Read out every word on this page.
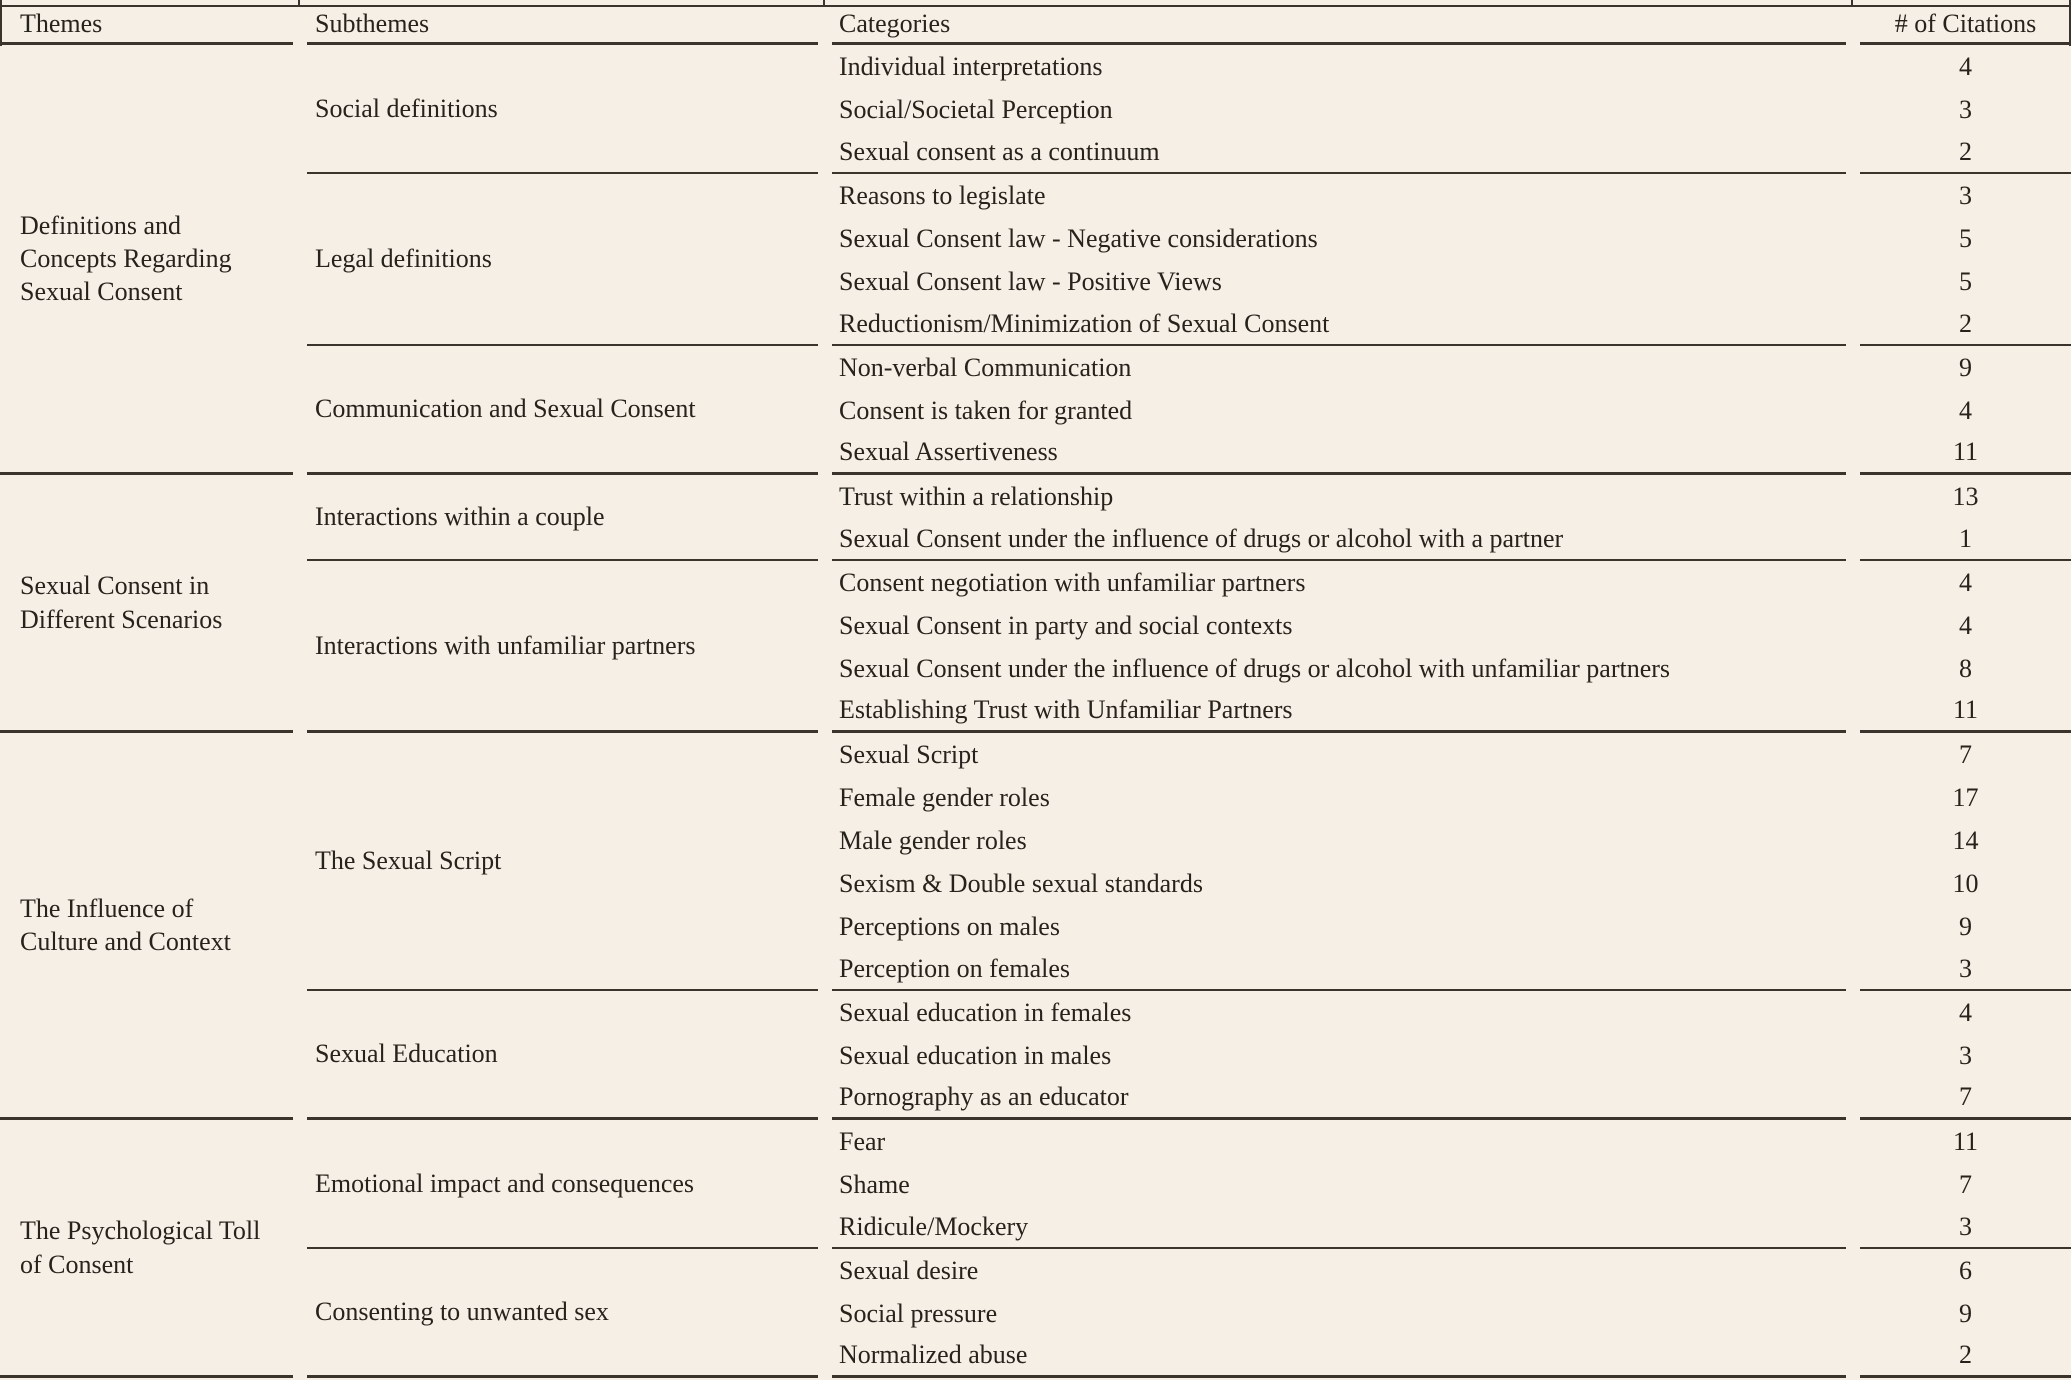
Themes	Subthemes	Categories	# of Citations
Definitions and Concepts Regarding Sexual Consent	Social definitions	Individual interpretations	4
		Social/Societal Perception	3
		Sexual consent as a continuum	2
	Legal definitions	Reasons to legislate	3
		Sexual Consent law - Negative considerations	5
		Sexual Consent law - Positive Views	5
		Reductionism/Minimization of Sexual Consent	2
	Communication and Sexual Consent	Non-verbal Communication	9
		Consent is taken for granted	4
		Sexual Assertiveness	11
Sexual Consent in Different Scenarios	Interactions within a couple	Trust within a relationship	13
		Sexual Consent under the influence of drugs or alcohol with a partner	1
	Interactions with unfamiliar partners	Consent negotiation with unfamiliar partners	4
		Sexual Consent in party and social contexts	4
		Sexual Consent under the influence of drugs or alcohol with unfamiliar partners	8
		Establishing Trust with Unfamiliar Partners	11
The Influence of Culture and Context	The Sexual Script	Sexual Script	7
		Female gender roles	17
		Male gender roles	14
		Sexism & Double sexual standards	10
		Perceptions on males	9
		Perception on females	3
	Sexual Education	Sexual education in females	4
		Sexual education in males	3
		Pornography as an educator	7
The Psychological Toll of Consent	Emotional impact and consequences	Fear	11
		Shame	7
		Ridicule/Mockery	3
	Consenting to unwanted sex	Sexual desire	6
		Social pressure	9
		Normalized abuse	2
